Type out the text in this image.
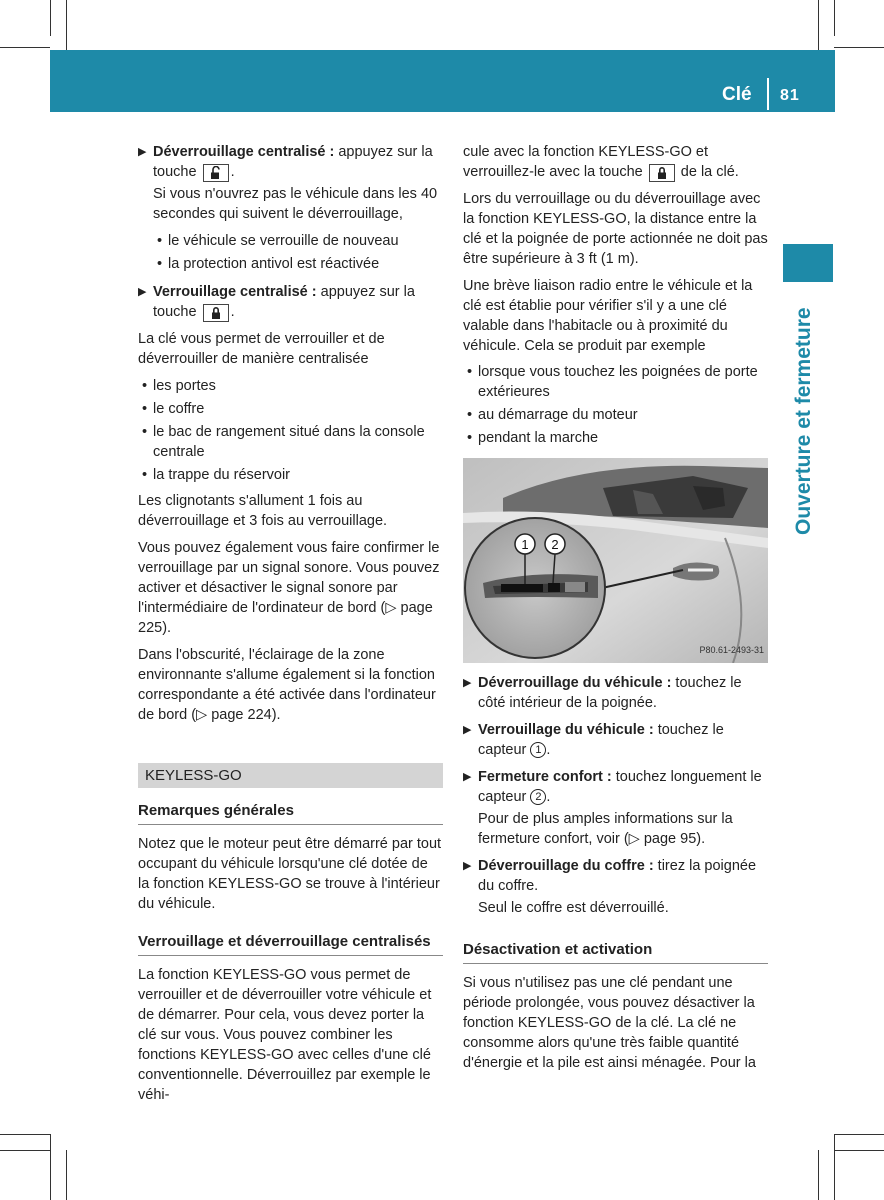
Clé 81
Ouverture et fermeture
▶ Déverrouillage centralisé : appuyez sur la touche .
Si vous n'ouvrez pas le véhicule dans les 40 secondes qui suivent le déverrouillage,
• le véhicule se verrouille de nouveau
• la protection antivol est réactivée
▶ Verrouillage centralisé : appuyez sur la touche .

La clé vous permet de verrouiller et de déverrouiller de manière centralisée

• les portes
• le coffre
• le bac de rangement situé dans la console centrale
• la trappe du réservoir

Les clignotants s'allument 1 fois au déverrouillage et 3 fois au verrouillage.

Vous pouvez également vous faire confirmer le verrouillage par un signal sonore. Vous pouvez activer et désactiver le signal sonore par l'intermédiaire de l'ordinateur de bord (▷ page 225).

Dans l'obscurité, l'éclairage de la zone environnante s'allume également si la fonction correspondante a été activée dans l'ordinateur de bord (▷ page 224).

KEYLESS-GO
Remarques générales

Notez que le moteur peut être démarré par tout occupant du véhicule lorsqu'une clé dotée de la fonction KEYLESS-GO se trouve à l'intérieur du véhicule.

Verrouillage et déverrouillage centralisés

La fonction KEYLESS-GO vous permet de verrouiller et de déverrouiller votre véhicule et de démarrer. Pour cela, vous devez porter la clé sur vous. Vous pouvez combiner les fonctions KEYLESS-GO avec celles d'une clé conventionnelle. Déverrouillez par exemple le véhi-

cule avec la fonction KEYLESS-GO et verrouillez-le avec la touche	de la clé.

Lors du verrouillage ou du déverrouillage avec la fonction KEYLESS-GO, la distance entre la clé et la poignée de porte actionnée ne doit pas être supérieure à 3 ft (1 m).

Une brève liaison radio entre le véhicule et la clé est établie pour vérifier s'il y a une clé valable dans l'habitacle ou à proximité du véhicule. Cela se produit par exemple

• lorsque vous touchez les poignées de porte extérieures
• au démarrage du moteur
• pendant la marche
1 2
P80.61-2493-31
▶ Déverrouillage du véhicule : touchez le côté intérieur de la poignée.
▶ Verrouillage du véhicule : touchez le capteur 1 .
▶ Fermeture confort : touchez longuement le capteur 2 .
Pour de plus amples informations sur la fermeture confort, voir (▷ page 95).
▶ Déverrouillage du coffre : tirez la poignée du coffre.
Seul le coffre est déverrouillé.
Désactivation et activation

Si vous n'utilisez pas une clé pendant une période prolongée, vous pouvez désactiver la fonction KEYLESS-GO de la clé. La clé ne consomme alors qu'une très faible quantité d'énergie et la pile est ainsi ménagée. Pour la
